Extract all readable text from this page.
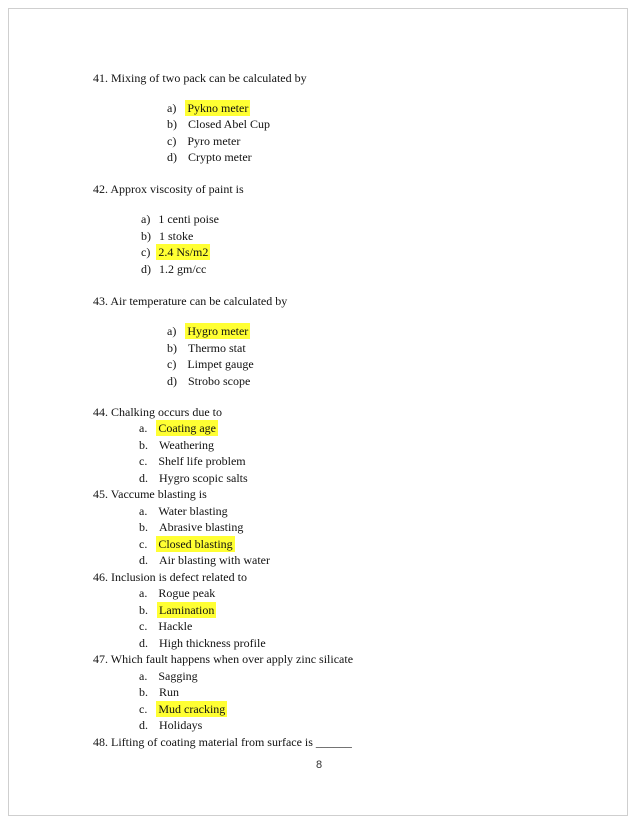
41. Mixing of two pack can be calculated by
a) Pykno meter
b) Closed Abel Cup
c) Pyro meter
d) Crypto meter
42. Approx viscosity of paint is
a) 1 centi poise
b) 1 stoke
c) 2.4 Ns/m2
d) 1.2 gm/cc
43. Air temperature can be calculated by
a) Hygro meter
b) Thermo stat
c) Limpet gauge
d) Strobo scope
44. Chalking occurs due to
a. Coating age
b. Weathering
c. Shelf life problem
d. Hygro scopic salts
45. Vaccume blasting is
a. Water blasting
b. Abrasive blasting
c. Closed blasting
d. Air blasting with water
46. Inclusion is defect related to
a. Rogue peak
b. Lamination
c. Hackle
d. High thickness profile
47. Which fault happens when over apply zinc silicate
a. Sagging
b. Run
c. Mud cracking
d. Holidays
48. Lifting of coating material from surface is ______
8
